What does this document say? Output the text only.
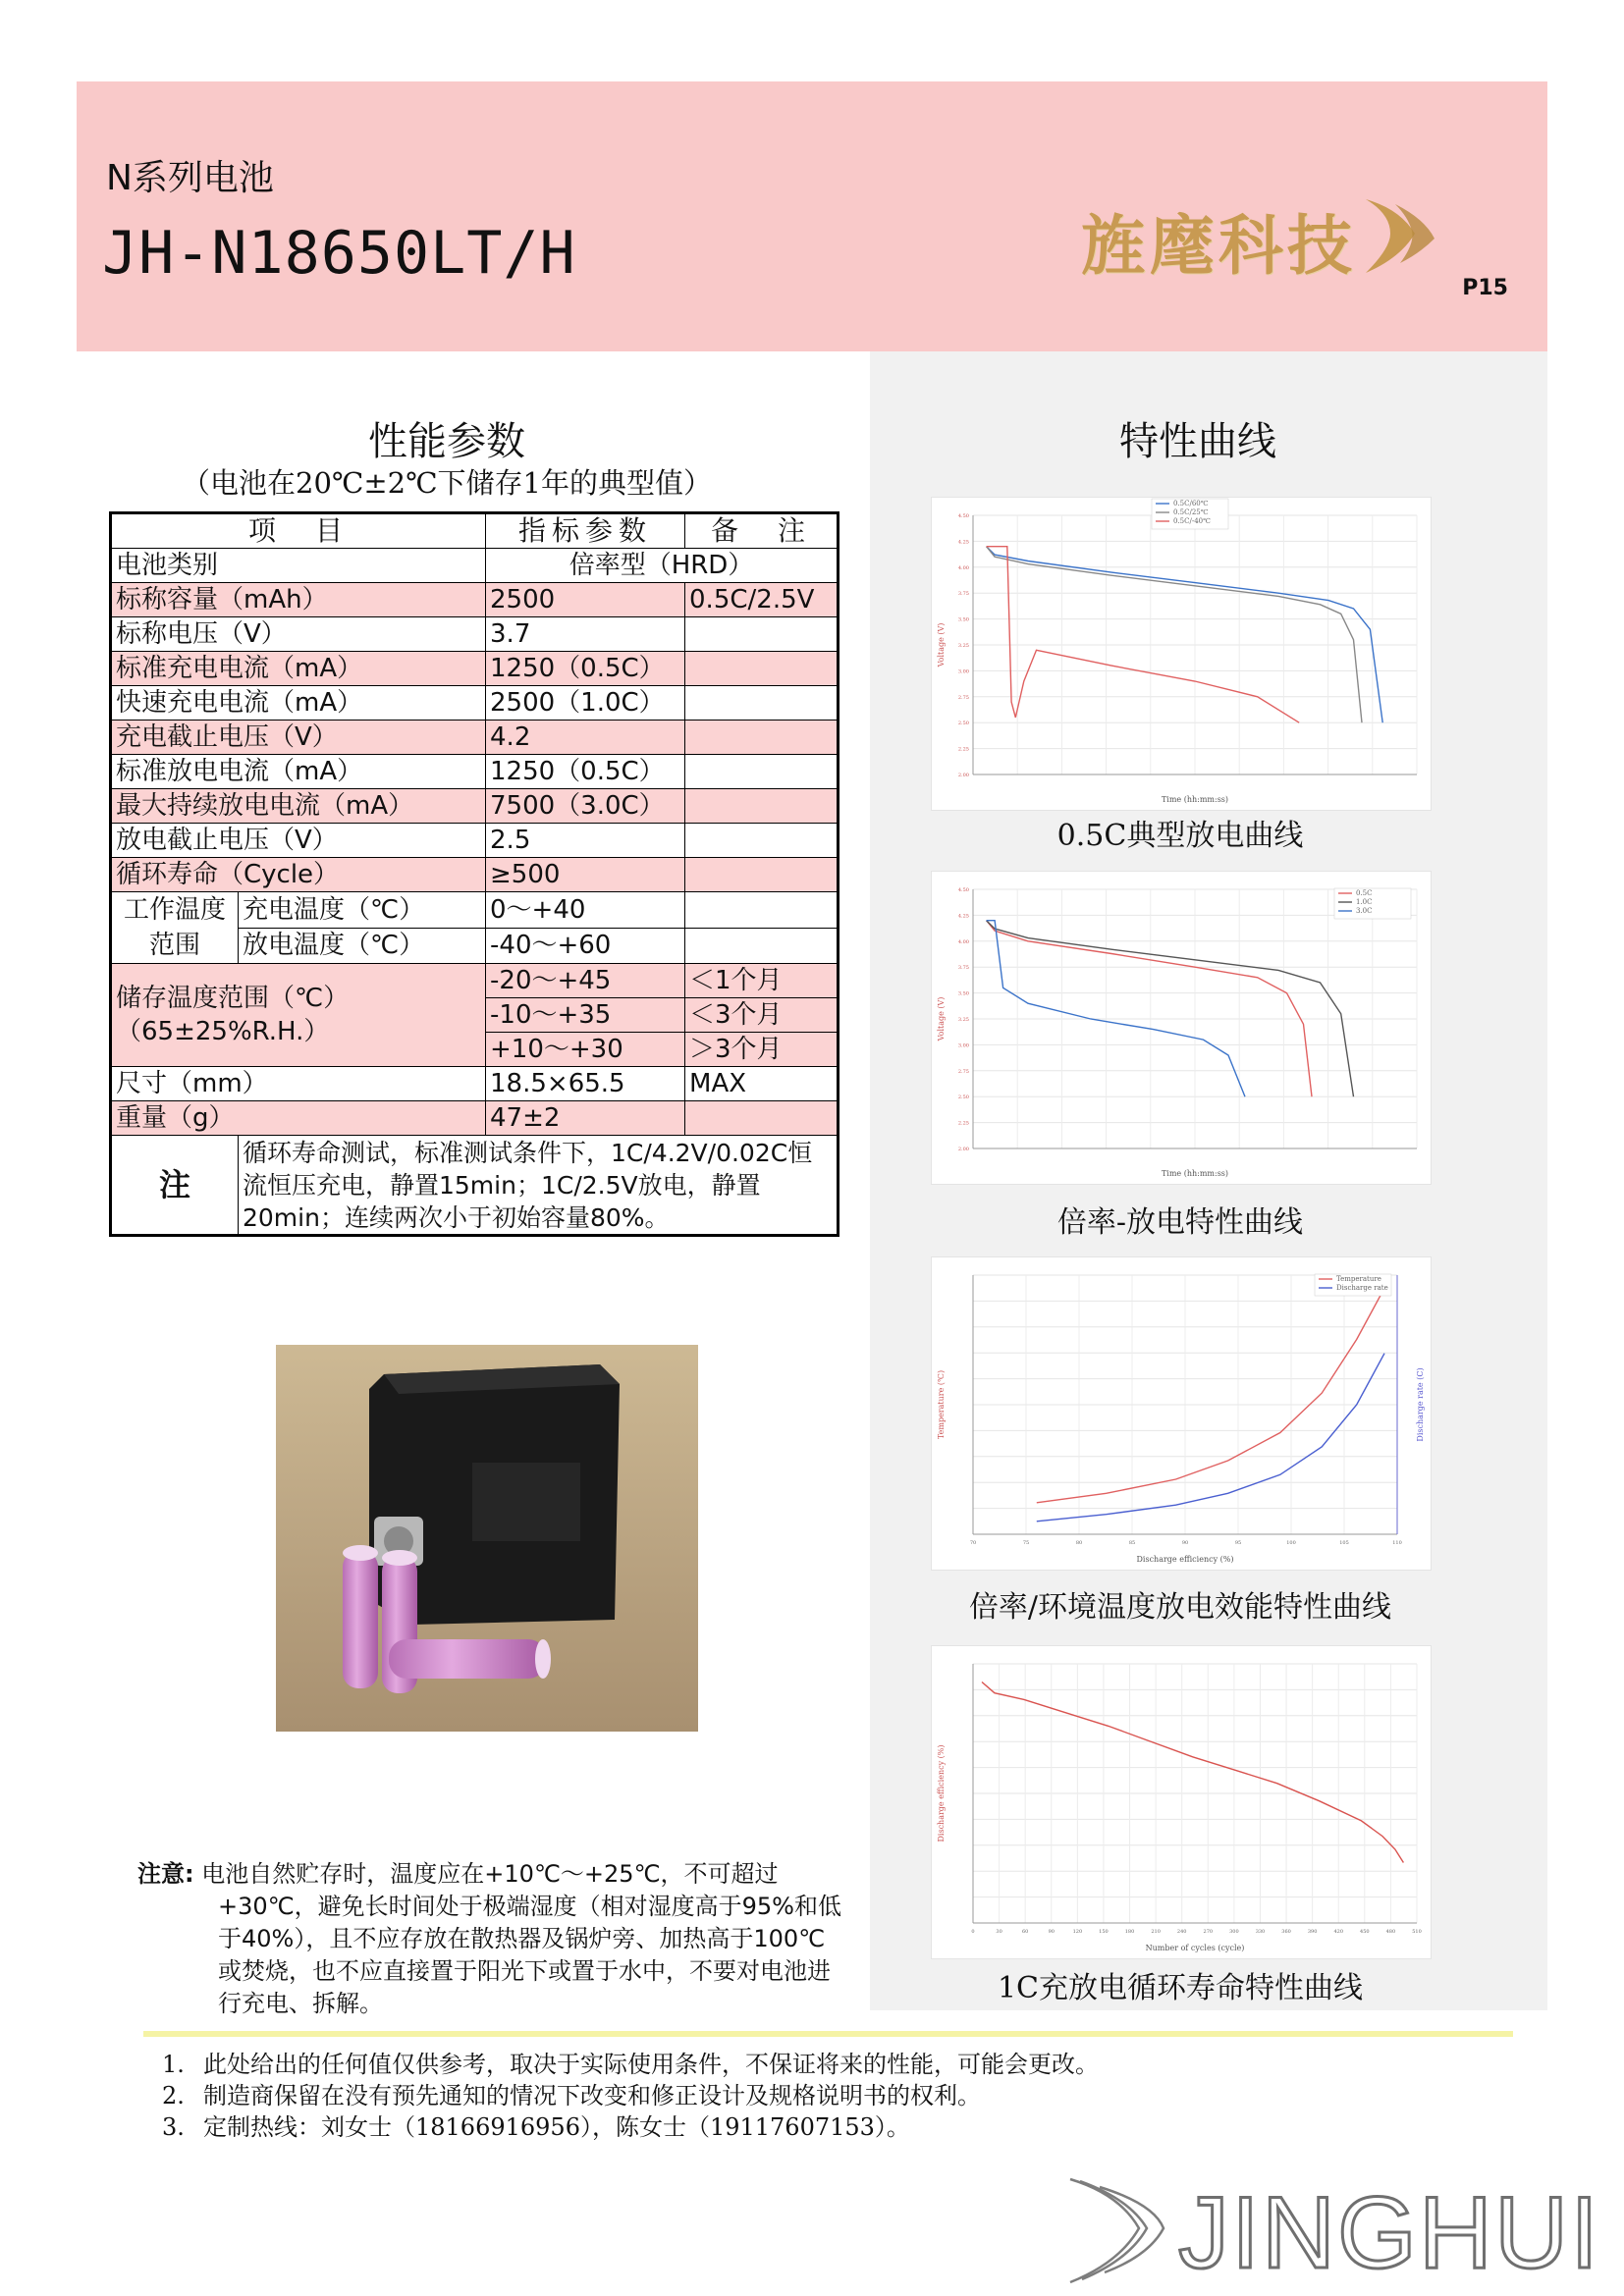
N系列电池
JH-N18650LT/H	旌麾科技
P15
性能参数
（电池在20℃±2℃下储存1年的典型值）
项　目		指标参数	备　注
电池类别		倍率型（HRD）	
标称容量（mAh）		2500	0.5C/2.5V
标称电压（V）		3.7	
标准充电电流（mA）		1250（0.5C）	
快速充电电流（mA）		2500（1.0C）	
充电截止电压（V）		4.2	
标准放电电流（mA）		1250（0.5C）	
最大持续放电电流（mA）		7500（3.0C）	
放电截止电压（V）		2.5	
循环寿命（Cycle）		≥500	
工作温度
范围	充电温度（℃）	0～+40	
	放电温度（℃）	-40～+60	
储存温度范围（℃）
（65±25%R.H.）		-20～+45	＜1个月
		-10～+35	＜3个月
		+10～+30	＞3个月
尺寸（mm）		18.5×65.5	MAX
重量（g）		47±2	
注	循环寿命测试，标准测试条件下，1C/4.2V/0.02C恒流恒压充电，静置15min；1C/2.5V放电，静置20min；连续两次小于初始容量80%。		
特性曲线
4.50
4.25
4.00
3.75
3.50
3.25
3.00
2.75
2.50
2.25
2.00
Time (hh:mm:ss)
Voltage (V)
0.5C/60℃
0.5C/25℃
0.5C/-40℃
0.5C典型放电曲线
4.50
4.25
4.00
3.75
3.50
3.25
3.00
2.75
2.50
2.25
2.00
Time (hh:mm:ss)
Voltage (V)
0.5C
1.0C
3.0C
倍率-放电特性曲线
70	75	80	85	90	95	100	105	110
Discharge efficiency (%)
Temperature (℃)	Discharge rate (C)
Temperature
Discharge rate
倍率/环境温度放电效能特性曲线
0	30	60	90	120	150	180	210	240	270	300	330	360	390	420	450	480	510
Number of cycles (cycle)
Discharge efficiency (%)
1C充放电循环寿命特性曲线
注意: 电池自然贮存时，温度应在+10℃～+25℃，不可超过+30℃，避免长时间处于极端湿度（相对湿度高于95%和低于40%），且不应存放在散热器及锅炉旁、加热高于100℃或焚烧，也不应直接置于阳光下或置于水中，不要对电池进行充电、拆解。
1. 此处给出的任何值仅供参考，取决于实际使用条件，不保证将来的性能，可能会更改。
2. 制造商保留在没有预先通知的情况下改变和修正设计及规格说明书的权利。
3. 定制热线：刘女士（18166916956），陈女士（19117607153）。
JINGHUI
